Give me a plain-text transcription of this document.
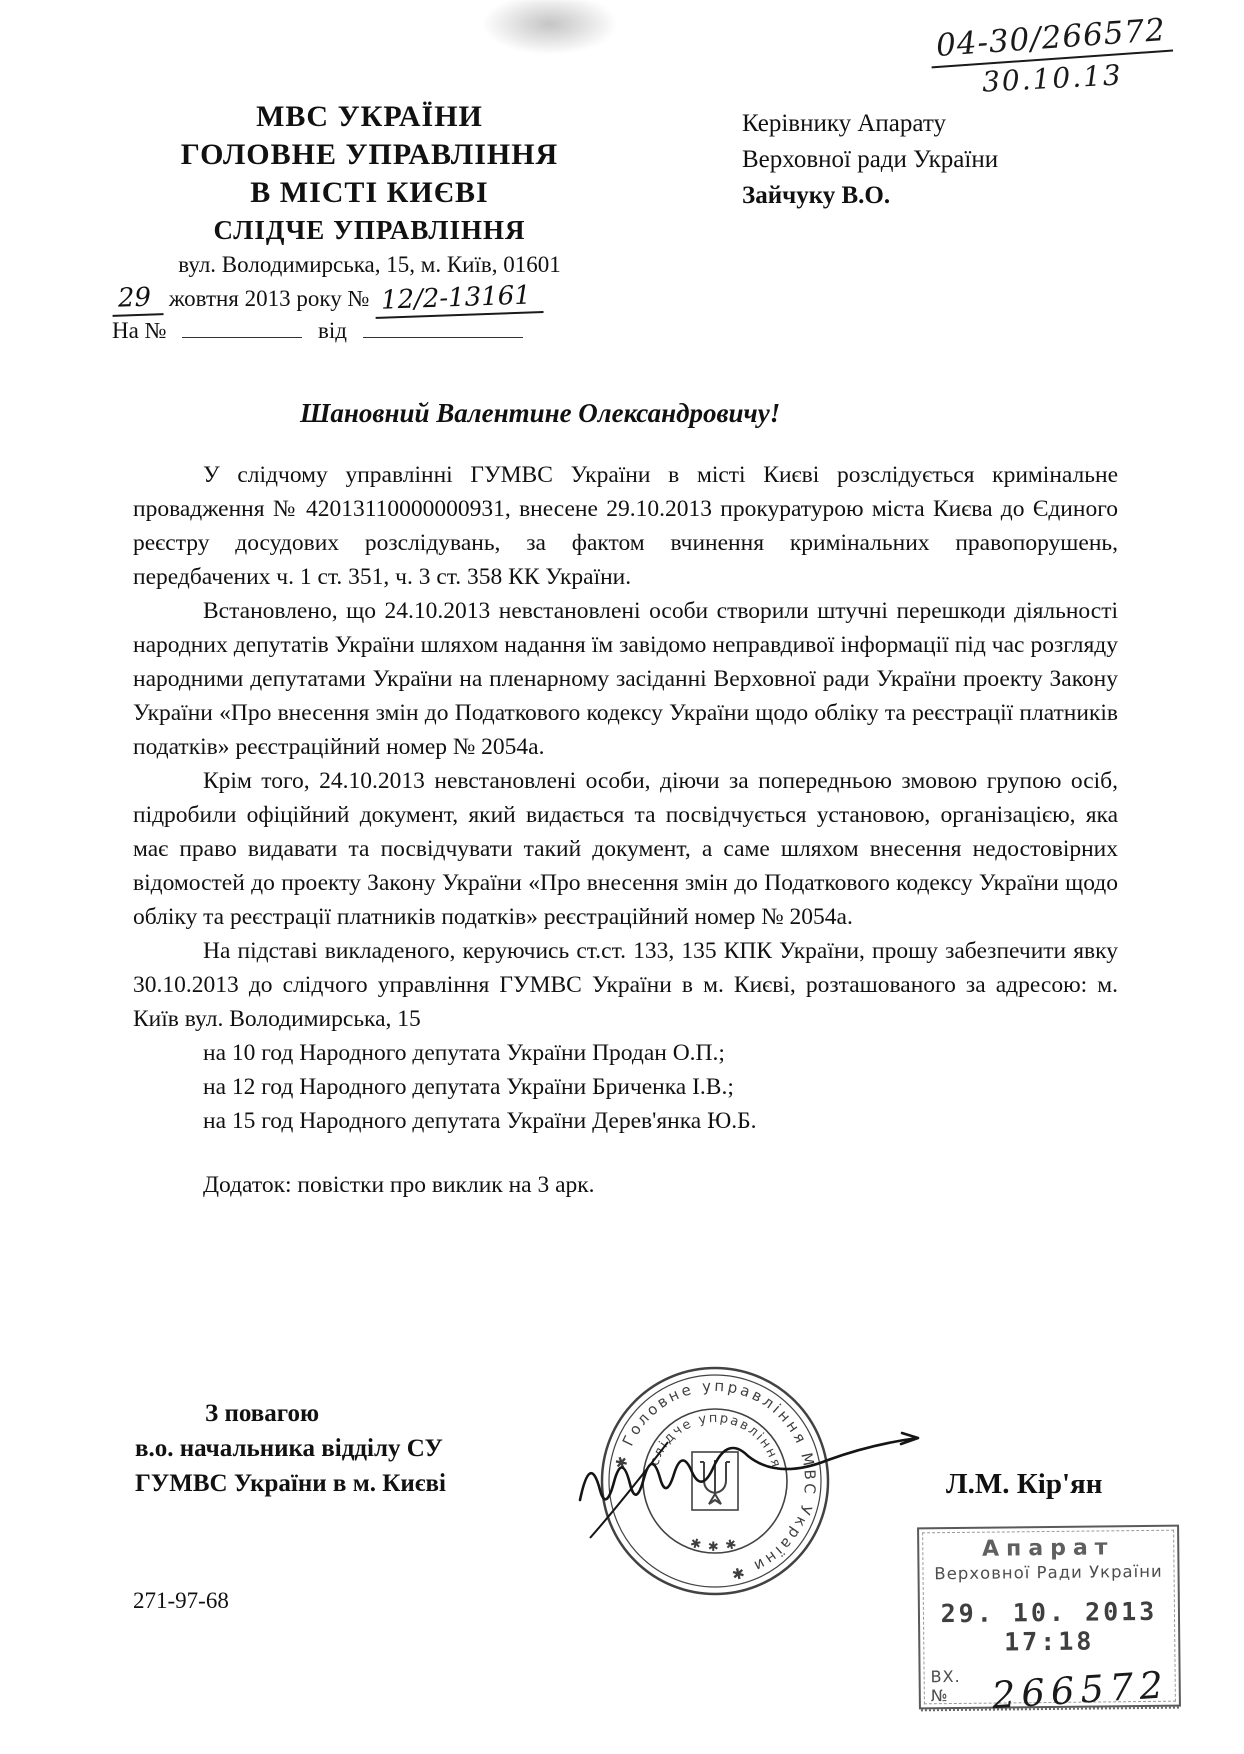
04-30/266572
30.10.13
МВС УКРАЇНИ
ГОЛОВНЕ УПРАВЛІННЯ
В МІСТІ КИЄВІ
СЛІДЧЕ УПРАВЛІННЯ
вул. Володимирська, 15, м. Київ, 01601
29 жовтня 2013 року № 12/2-13161
На №	від
Керівнику Апарату
Верховної ради України
Зайчуку В.О.
Шановний Валентине Олександровичу!

У слідчому управлінні ГУМВС України в місті Києві розслідується кримінальне провадження № 42013110000000931, внесене 29.10.2013 прокуратурою міста Києва до Єдиного реєстру досудових розслідувань, за фактом вчинення кримінальних правопорушень, передбачених ч. 1 ст. 351, ч. 3 ст. 358 КК України.

Встановлено, що 24.10.2013 невстановлені особи створили штучні перешкоди діяльності народних депутатів України шляхом надання їм завідомо неправдивої інформації під час розгляду народними депутатами України на пленарному засіданні Верховної ради України проекту Закону України «Про внесення змін до Податкового кодексу України щодо обліку та реєстрації платників податків» реєстраційний номер № 2054а.

Крім того, 24.10.2013 невстановлені особи, діючи за попередньою змовою групою осіб, підробили офіційний документ, який видається та посвідчується установою, організацією, яка має право видавати та посвідчувати такий документ, а саме шляхом внесення недостовірних відомостей до проекту Закону України «Про внесення змін до Податкового кодексу України щодо обліку та реєстрації платників податків» реєстраційний номер № 2054а.

На підставі викладеного, керуючись ст.ст. 133, 135 КПК України, прошу забезпечити явку 30.10.2013 до слідчого управління ГУМВС України в м. Києві, розташованого за адресою: м. Київ вул. Володимирська, 15

на 10 год Народного депутата України Продан О.П.;
на 12 год Народного депутата України Бриченка І.В.;
на 15 год Народного депутата України Дерев'янка Ю.Б.
Додаток: повістки про виклик на 3 арк.
З повагою
в.о. начальника відділу СУ
ГУМВС України в м. Києві	Л.М. Кір'ян
271-97-68
✱ Головне управління МВС України ✱
слідче управління
✱ ✱ ✱	Апарат
Верховної Ради України
29. 10. 2013 17:18
ВХ. №	266572
